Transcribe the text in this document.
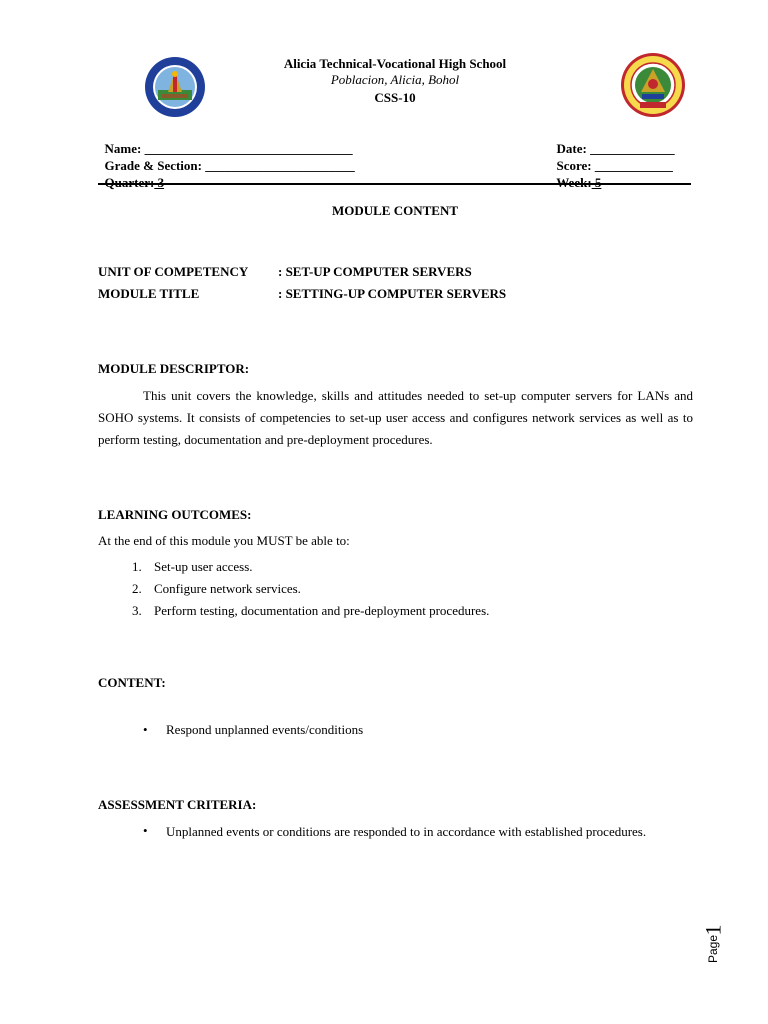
Alicia Technical-Vocational High School
Poblacion, Alicia, Bohol
CSS-10

Name: ________________________________

Grade & Section: _______________________

Quarter: 3

Date: _____________

Score: ____________

Week: 5

MODULE CONTENT
UNIT OF COMPETENCY : SET-UP COMPUTER SERVERS
MODULE TITLE	: SETTING-UP COMPUTER SERVERS
MODULE DESCRIPTOR:
This unit covers the knowledge, skills and attitudes needed to set-up computer servers for LANs and SOHO systems. It consists of competencies to set-up user access and configures network services as well as to perform testing, documentation and pre-deployment procedures.
LEARNING OUTCOMES:
At the end of this module you MUST be able to:
1. Set-up user access.
2. Configure network services.
3. Perform testing, documentation and pre-deployment procedures.
CONTENT:
• Respond unplanned events/conditions
ASSESSMENT CRITERIA:
• Unplanned events or conditions are responded to in accordance with established procedures.
Page
1
